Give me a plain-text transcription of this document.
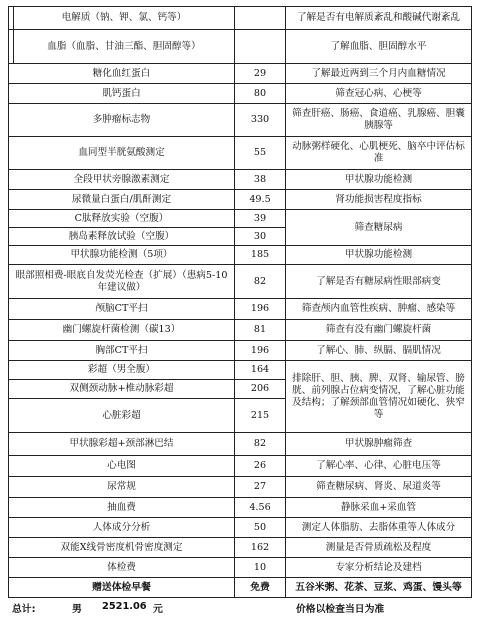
	电解质（钠、钾、氯、钙等）		了解是否有电解质紊乱和酸碱代谢紊乱
	血脂（血脂、甘油三酯、胆固醇等）		了解血脂、胆固醇水平
糖化血红蛋白		29	了解最近两到三个月内血糖情况
肌钙蛋白		80	筛查冠心病、心梗等
多肿瘤标志物		330	筛查肝癌、肠癌、食道癌、乳腺癌、胆囊胰腺等
血同型半胱氨酸测定		55	动脉粥样硬化、心肌梗死、脑卒中评估标准
全段甲状旁腺激素测定		38	甲状腺功能检测
尿微量白蛋白/肌酐测定		49.5	肾功能损害程度指标
C肽释放实验（空腹）		39	筛查糖尿病
胰岛素释放试验（空腹）		30	
甲状腺功能检测（5项）		185	甲状腺功能检测
眼部照相费-眼底自发荧光检查（扩展）（患病5-10年建议做）		82	了解是否有糖尿病性眼部病变
颅脑CT平扫		196	筛查颅内血管性疾病、肿瘤、感染等
幽门螺旋杆菌检测（碳13）		81	筛查有没有幽门螺旋杆菌
胸部CT平扫		196	了解心、肺、纵膈、膈肌情况
彩超（男全腹）		164	排除肝、胆、胰、脾、双肾、输尿管、膀胱、前列腺占位病变情况，了解心脏功能及结构；了解颈部血管情况如硬化、狭窄等
双侧颈动脉+椎动脉彩超		206	
心脏彩超		215	
甲状腺彩超+颈部淋巴结		82	甲状腺肿瘤筛查
心电图		26	了解心率、心律、心脏电压等
尿常规		27	筛查糖尿病、肾炎、尿道炎等
抽血费		4.56	静脉采血+采血管
人体成分分析		50	测定人体脂肪、去脂体重等人体成分
双能X线骨密度机骨密度测定		162	测量是否骨质疏松及程度
体检费		10	专家分析结论及建档
赠送体检早餐		免费	五谷米粥、花茶、豆浆、鸡蛋、馒头等
总计:	男 2521.06 元	价格以检查当日为准
